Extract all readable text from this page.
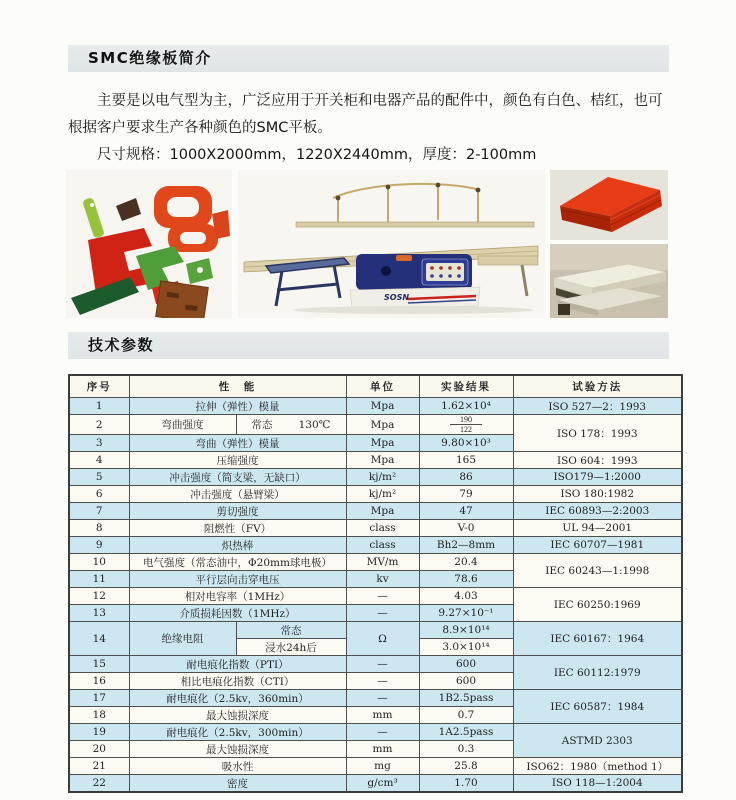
SMC绝缘板简介

主要是以电气型为主，广泛应用于开关柜和电器产品的配件中，颜色有白色、桔红，也可根据客户要求生产各种颜色的SMC平板。

尺寸规格：1000X2000mm，1220X2440mm，厚度：2-100mm

SOSN
技术参数
序号	性　能		单位	实验结果	试验方法
1	拉伸（弹性）模量		Mpa	1.62×10⁴	ISO 527—2：1993
2	弯曲强度	常态 130℃	Mpa	$\frac{190}{122}$	ISO 178：1993
3	弯曲（弹性）模量		Mpa	9.80×10³	
4	压缩强度		Mpa	165	ISO 604：1993
5	冲击强度（简支梁，无缺口）		kj/m²	86	ISO179—1:2000
6	冲击强度（悬臂梁）		kj/m²	79	ISO 180:1982
7	剪切强度		Mpa	47	IEC 60893—2:2003
8	阻燃性（FV）		class	V-0	UL 94—2001
9	炽热棒		class	Bh2—8mm	IEC 60707—1981
10	电气强度（常态油中，Φ20mm球电极）		MV/m	20.4	IEC 60243—1:1998
11	平行层向击穿电压		kv	78.6	
12	相对电容率（1MHz）		—	4.03	IEC 60250:1969
13	介质损耗因数（1MHz）		—	9.27×10⁻¹	
14	绝缘电阻	常态	Ω	8.9×10¹⁴	IEC 60167：1964
		浸水24h后		3.0×10¹⁴	
15	耐电痕化指数（PTⅠ）		—	600	IEC 60112:1979
16	相比电痕化指数（CTⅠ）		—	600	
17	耐电痕化（2.5kv，360min）		—	1B2.5pass	IEC 60587：1984
18	最大蚀损深度		mm	0.7	
19	耐电痕化（2.5kv，300min）		—	1A2.5pass	ASTMD 2303
20	最大蚀损深度		mm	0.3	
21	吸水性		mg	25.8	ISO62：1980（method 1）
22	密度		g/cm³	1.70	ISO 118—1:2004
